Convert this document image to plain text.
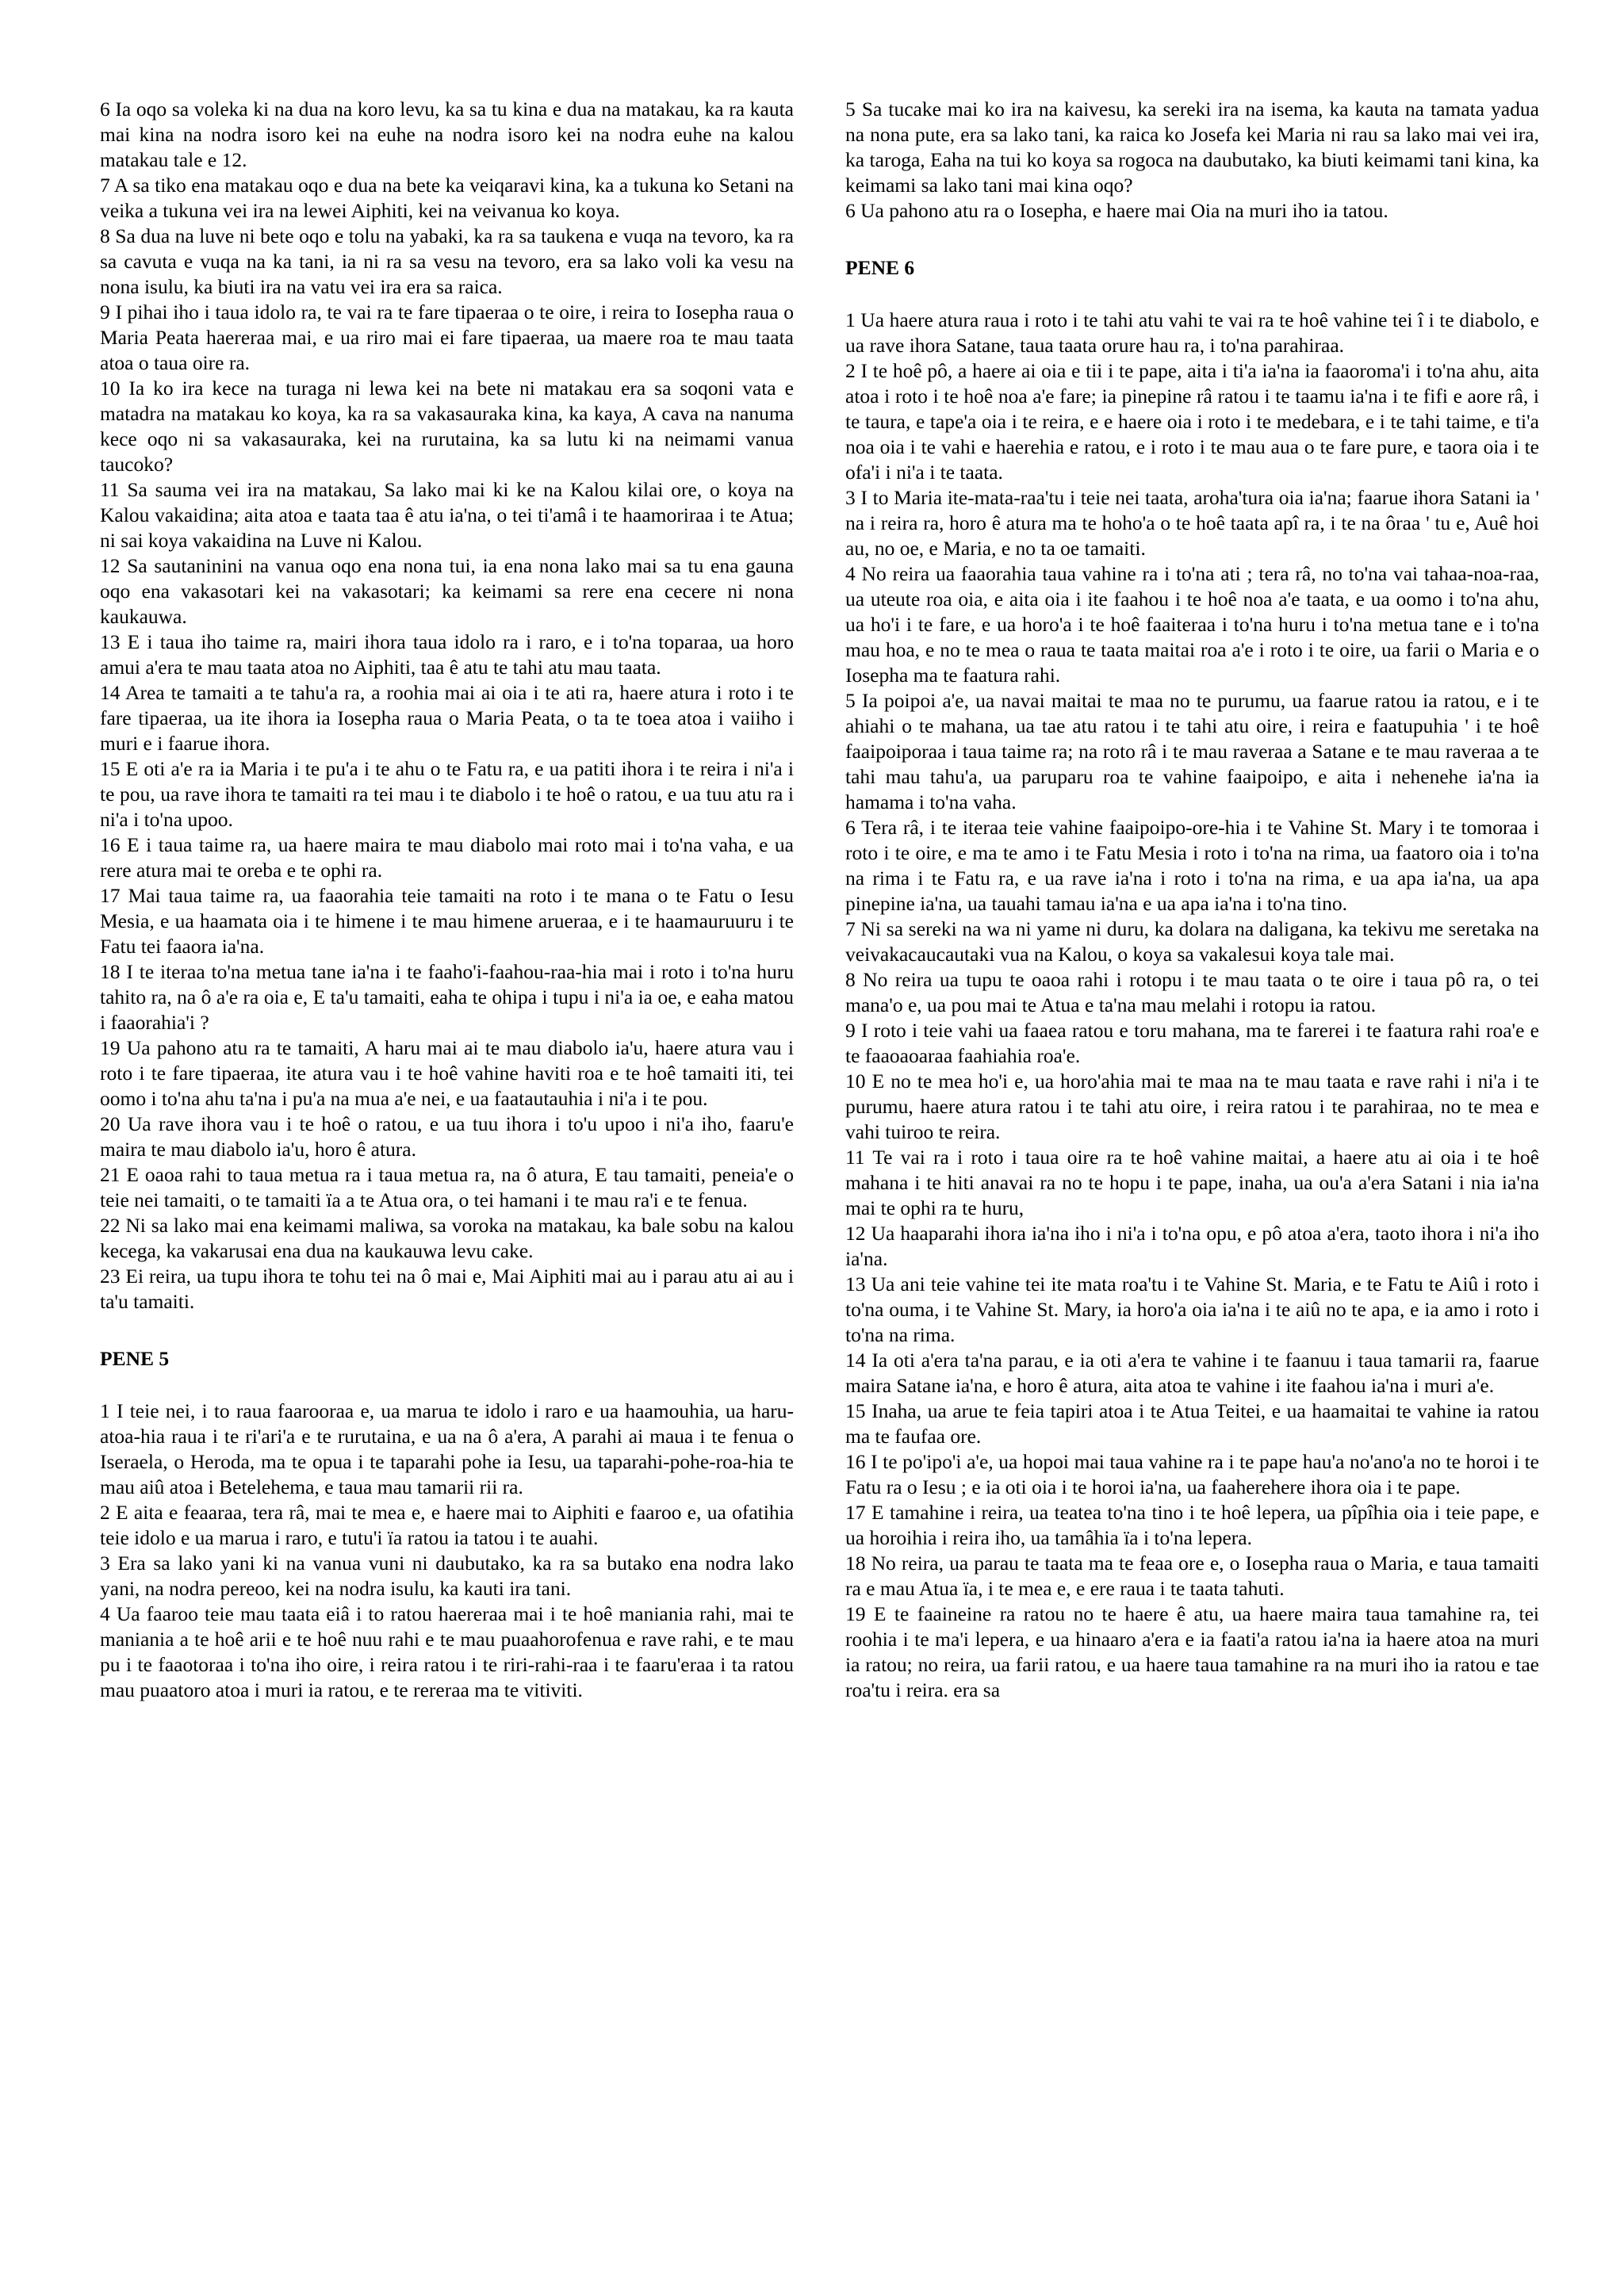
6 Ia oqo sa voleka ki na dua na koro levu, ka sa tu kina e dua na matakau, ka ra kauta mai kina na nodra isoro kei na euhe na nodra isoro kei na nodra euhe na kalou matakau tale e 12.

7 A sa tiko ena matakau oqo e dua na bete ka veiqaravi kina, ka a tukuna ko Setani na veika a tukuna vei ira na lewei Aiphiti, kei na veivanua ko koya.

8 Sa dua na luve ni bete oqo e tolu na yabaki, ka ra sa taukena e vuqa na tevoro, ka ra sa cavuta e vuqa na ka tani, ia ni ra sa vesu na tevoro, era sa lako voli ka vesu na nona isulu, ka biuti ira na vatu vei ira era sa raica.

9 I pihai iho i taua idolo ra, te vai ra te fare tipaeraa o te oire, i reira to Iosepha raua o Maria Peata haereraa mai, e ua riro mai ei fare tipaeraa, ua maere roa te mau taata atoa o taua oire ra.

10 Ia ko ira kece na turaga ni lewa kei na bete ni matakau era sa soqoni vata e matadra na matakau ko koya, ka ra sa vakasauraka kina, ka kaya, A cava na nanuma kece oqo ni sa vakasauraka, kei na rurutaina, ka sa lutu ki na neimami vanua taucoko?

11 Sa sauma vei ira na matakau, Sa lako mai ki ke na Kalou kilai ore, o koya na Kalou vakaidina; aita atoa e taata taa ê atu ia'na, o tei ti'amâ i te haamoriraa i te Atua; ni sai koya vakaidina na Luve ni Kalou.

12 Sa sautaninini na vanua oqo ena nona tui, ia ena nona lako mai sa tu ena gauna oqo ena vakasotari kei na vakasotari; ka keimami sa rere ena cecere ni nona kaukauwa.

13 E i taua iho taime ra, mairi ihora taua idolo ra i raro, e i to'na toparaa, ua horo amui a'era te mau taata atoa no Aiphiti, taa ê atu te tahi atu mau taata.

14 Area te tamaiti a te tahu'a ra, a roohia mai ai oia i te ati ra, haere atura i roto i te fare tipaeraa, ua ite ihora ia Iosepha raua o Maria Peata, o ta te toea atoa i vaiiho i muri e i faarue ihora.

15 E oti a'e ra ia Maria i te pu'a i te ahu o te Fatu ra, e ua patiti ihora i te reira i ni'a i te pou, ua rave ihora te tamaiti ra tei mau i te diabolo i te hoê o ratou, e ua tuu atu ra i ni'a i to'na upoo.

16 E i taua taime ra, ua haere maira te mau diabolo mai roto mai i to'na vaha, e ua rere atura mai te oreba e te ophi ra.

17 Mai taua taime ra, ua faaorahia teie tamaiti na roto i te mana o te Fatu o Iesu Mesia, e ua haamata oia i te himene i te mau himene arueraa, e i te haamauruuru i te Fatu tei faaora ia'na.

18 I te iteraa to'na metua tane ia'na i te faaho'i-faahou-raa-hia mai i roto i to'na huru tahito ra, na ô a'e ra oia e, E ta'u tamaiti, eaha te ohipa i tupu i ni'a ia oe, e eaha matou i faaorahia'i ?

19 Ua pahono atu ra te tamaiti, A haru mai ai te mau diabolo ia'u, haere atura vau i roto i te fare tipaeraa, ite atura vau i te hoê vahine haviti roa e te hoê tamaiti iti, tei oomo i to'na ahu ta'na i pu'a na mua a'e nei, e ua faatautauhia i ni'a i te pou.

20 Ua rave ihora vau i te hoê o ratou, e ua tuu ihora i to'u upoo i ni'a iho, faaru'e maira te mau diabolo ia'u, horo ê atura.

21 E oaoa rahi to taua metua ra i taua metua ra, na ô atura, E tau tamaiti, peneia'e o teie nei tamaiti, o te tamaiti ïa a te Atua ora, o tei hamani i te mau ra'i e te fenua.

22 Ni sa lako mai ena keimami maliwa, sa voroka na matakau, ka bale sobu na kalou kecega, ka vakarusai ena dua na kaukauwa levu cake.

23 Ei reira, ua tupu ihora te tohu tei na ô mai e, Mai Aiphiti mai au i parau atu ai au i ta'u tamaiti.

PENE 5

1 I teie nei, i to raua faarooraa e, ua marua te idolo i raro e ua haamouhia, ua haru-atoa-hia raua i te ri'ari'a e te rurutaina, e ua na ô a'era, A parahi ai maua i te fenua o Iseraela, o Heroda, ma te opua i te taparahi pohe ia Iesu, ua taparahi-pohe-roa-hia te mau aiû atoa i Betelehema, e taua mau tamarii rii ra.

2 E aita e feaaraa, tera râ, mai te mea e, e haere mai to Aiphiti e faaroo e, ua ofatihia teie idolo e ua marua i raro, e tutu'i ïa ratou ia tatou i te auahi.

3 Era sa lako yani ki na vanua vuni ni daubutako, ka ra sa butako ena nodra lako yani, na nodra pereoo, kei na nodra isulu, ka kauti ira tani.

4 Ua faaroo teie mau taata eiâ i to ratou haereraa mai i te hoê maniania rahi, mai te maniania a te hoê arii e te hoê nuu rahi e te mau puaahorofenua e rave rahi, e te mau pu i te faaotoraa i to'na iho oire, i reira ratou i te riri-rahi-raa i te faaru'eraa i ta ratou mau puaatoro atoa i muri ia ratou, e te rereraa ma te vitiviti.

5 Sa tucake mai ko ira na kaivesu, ka sereki ira na isema, ka kauta na tamata yadua na nona pute, era sa lako tani, ka raica ko Josefa kei Maria ni rau sa lako mai vei ira, ka taroga, Eaha na tui ko koya sa rogoca na daubutako, ka biuti keimami tani kina, ka keimami sa lako tani mai kina oqo?

6 Ua pahono atu ra o Iosepha, e haere mai Oia na muri iho ia tatou.

PENE 6

1 Ua haere atura raua i roto i te tahi atu vahi te vai ra te hoê vahine tei î i te diabolo, e ua rave ihora Satane, taua taata orure hau ra, i to'na parahiraa.

2 I te hoê pô, a haere ai oia e tii i te pape, aita i ti'a ia'na ia faaoroma'i i to'na ahu, aita atoa i roto i te hoê noa a'e fare; ia pinepine râ ratou i te taamu ia'na i te fifi e aore râ, i te taura, e tape'a oia i te reira, e e haere oia i roto i te medebara, e i te tahi taime, e ti'a noa oia i te vahi e haerehia e ratou, e i roto i te mau aua o te fare pure, e taora oia i te ofa'i i ni'a i te taata.

3 I to Maria ite-mata-raa'tu i teie nei taata, aroha'tura oia ia'na; faarue ihora Satani ia ' na i reira ra, horo ê atura ma te hoho'a o te hoê taata apî ra, i te na ôraa ' tu e, Auê hoi au, no oe, e Maria, e no ta oe tamaiti.

4 No reira ua faaorahia taua vahine ra i to'na ati ; tera râ, no to'na vai tahaa-noa-raa, ua uteute roa oia, e aita oia i ite faahou i te hoê noa a'e taata, e ua oomo i to'na ahu, ua ho'i i te fare, e ua horo'a i te hoê faaiteraa i to'na huru i to'na metua tane e i to'na mau hoa, e no te mea o raua te taata maitai roa a'e i roto i te oire, ua farii o Maria e o Iosepha ma te faatura rahi.

5 Ia poipoi a'e, ua navai maitai te maa no te purumu, ua faarue ratou ia ratou, e i te ahiahi o te mahana, ua tae atu ratou i te tahi atu oire, i reira e faatupuhia ' i te hoê faaipoiporaa i taua taime ra; na roto râ i te mau raveraa a Satane e te mau raveraa a te tahi mau tahu'a, ua paruparu roa te vahine faaipoipo, e aita i nehenehe ia'na ia hamama i to'na vaha.

6 Tera râ, i te iteraa teie vahine faaipoipo-ore-hia i te Vahine St. Mary i te tomoraa i roto i te oire, e ma te amo i te Fatu Mesia i roto i to'na na rima, ua faatoro oia i to'na na rima i te Fatu ra, e ua rave ia'na i roto i to'na na rima, e ua apa ia'na, ua apa pinepine ia'na, ua tauahi tamau ia'na e ua apa ia'na i to'na tino.

7 Ni sa sereki na wa ni yame ni duru, ka dolara na daligana, ka tekivu me seretaka na veivakacaucautaki vua na Kalou, o koya sa vakalesui koya tale mai.

8 No reira ua tupu te oaoa rahi i rotopu i te mau taata o te oire i taua pô ra, o tei mana'o e, ua pou mai te Atua e ta'na mau melahi i rotopu ia ratou.

9 I roto i teie vahi ua faaea ratou e toru mahana, ma te farerei i te faatura rahi roa'e e te faaoaoaraa faahiahia roa'e.

10 E no te mea ho'i e, ua horo'ahia mai te maa na te mau taata e rave rahi i ni'a i te purumu, haere atura ratou i te tahi atu oire, i reira ratou i te parahiraa, no te mea e vahi tuiroo te reira.

11 Te vai ra i roto i taua oire ra te hoê vahine maitai, a haere atu ai oia i te hoê mahana i te hiti anavai ra no te hopu i te pape, inaha, ua ou'a a'era Satani i nia ia'na mai te ophi ra te huru,

12 Ua haaparahi ihora ia'na iho i ni'a i to'na opu, e pô atoa a'era, taoto ihora i ni'a iho ia'na.

13 Ua ani teie vahine tei ite mata roa'tu i te Vahine St. Maria, e te Fatu te Aiû i roto i to'na ouma, i te Vahine St. Mary, ia horo'a oia ia'na i te aiû no te apa, e ia amo i roto i to'na na rima.

14 Ia oti a'era ta'na parau, e ia oti a'era te vahine i te faanuu i taua tamarii ra, faarue maira Satane ia'na, e horo ê atura, aita atoa te vahine i ite faahou ia'na i muri a'e.

15 Inaha, ua arue te feia tapiri atoa i te Atua Teitei, e ua haamaitai te vahine ia ratou ma te faufaa ore.

16 I te po'ipo'i a'e, ua hopoi mai taua vahine ra i te pape hau'a no'ano'a no te horoi i te Fatu ra o Iesu ; e ia oti oia i te horoi ia'na, ua faaherehere ihora oia i te pape.

17 E tamahine i reira, ua teatea to'na tino i te hoê lepera, ua pîpîhia oia i teie pape, e ua horoihia i reira iho, ua tamâhia ïa i to'na lepera.

18 No reira, ua parau te taata ma te feaa ore e, o Iosepha raua o Maria, e taua tamaiti ra e mau Atua ïa, i te mea e, e ere raua i te taata tahuti.

19 E te faaineine ra ratou no te haere ê atu, ua haere maira taua tamahine ra, tei roohia i te ma'i lepera, e ua hinaaro a'era e ia faati'a ratou ia'na ia haere atoa na muri ia ratou; no reira, ua farii ratou, e ua haere taua tamahine ra na muri iho ia ratou e tae roa'tu i reira. era sa
